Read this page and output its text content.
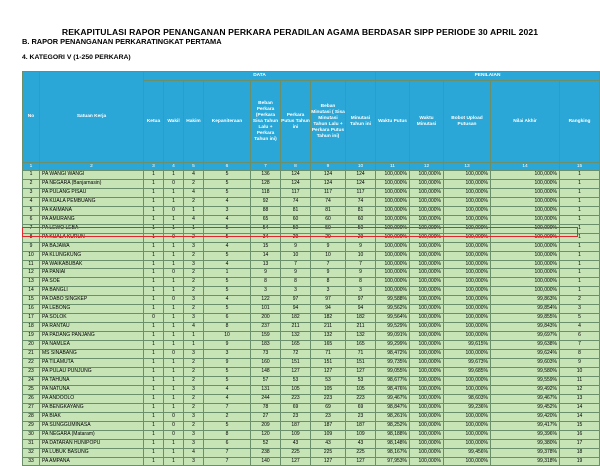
REKAPITULASI RAPOR PENANGANAN PERKARA PERADILAN AGAMA BERDASAR SIPP PERIODE 30 APRIL 2021
B. RAPOR PENANGANAN PERKARATINGKAT PERTAMA
4. KATEGORI V (1-250 PERKARA)
No	Satuan Kerja	DATA								PENILAIAN				
		Ketua	Wakil	Hakim	Kepaniteraan	Beban Perkara (Perkara Sisa Tahun Lalu + Perkara Tahun ini)	Perkara Putus Tahun ini	Beban Minutasi ( Sisa Minutasi Tahun Lalu + Perkara Putus Tahun ini)	Minutasi Tahun ini	Waktu Putus	Waktu Minutasi	Bobot Upload Putusan	Nilai Akhir	Rangking
1	2	3	4	5	6	7	8	9	10	11	12	13	14	15
1	PA WANGI WANGI	1	1	4	5	136	124	124	124	100,000%	100,000%	100,000%	100,000%	1
2	PA NEGARA (Banjarnasin)	1	0	2	5	128	124	124	124	100,000%	100,000%	100,000%	100,000%	1
3	PA PULANG PISAU	1	1	4	5	118	117	117	117	100,000%	100,000%	100,000%	100,000%	1
4	PA KUALA PEMBUANG	1	1	2	4	92	74	74	74	100,000%	100,000%	100,000%	100,000%	1
5	PA KAIMANA	1	0	1	3	88	81	81	81	100,000%	100,000%	100,000%	100,000%	1
6	PA AMURANG	1	1	4	4	65	60	60	60	100,000%	100,000%	100,000%	100,000%	1
7	PA LEWO LEBA	1	1	1	5	54	50	50	50	100,000%	100,000%	100,000%	100,000%	1
8	PA KUALA KURUN	1	0	2	5	34	29	29	29	100,000%	100,000%	100,000%	100,000%	1
9	PA BAJAWA	1	1	3	4	15	9	9	9	100,000%	100,000%	100,000%	100,000%	1
10	PA KLUNGKUNG	1	1	2	5	14	10	10	10	100,000%	100,000%	100,000%	100,000%	1
11	PA WAIKABUBAK	1	1	3	4	13	7	7	7	100,000%	100,000%	100,000%	100,000%	1
12	PA PANIAI	1	0	2	1	9	9	9	9	100,000%	100,000%	100,000%	100,000%	1
13	PA SOE	1	1	2	5	8	8	8	8	100,000%	100,000%	100,000%	100,000%	1
14	PA BANGLI	1	1	2	5	3	3	3	3	100,000%	100,000%	100,000%	100,000%	1
15	PA DABO SINGKEP	1	0	3	4	122	97	97	97	99,588%	100,000%	100,000%	99,863%	2
16	PA LEBONG	1	1	2	5	101	94	94	94	99,562%	100,000%	100,000%	99,854%	3
17	PA SOLOK	0	1	3	6	200	182	182	182	99,564%	100,000%	100,000%	99,855%	5
18	PA RANTAU	1	1	4	8	237	211	211	211	99,529%	100,000%	100,000%	99,843%	4
19	PA PADANG PANJANG	1	1	1	10	159	132	132	132	99,091%	100,000%	100,000%	99,697%	6
20	PA NAMLEA	1	1	1	9	183	165	165	165	99,299%	100,000%	99,615%	99,638%	7
21	MS SINABANG	1	0	3	3	73	72	71	71	98,472%	100,000%	100,000%	99,624%	8
22	PA TILAMUTA	1	1	2	9	160	151	151	151	99,735%	100,000%	99,673%	99,603%	9
23	PA PULAU PUNJUNG	1	1	2	5	148	127	127	127	99,055%	100,000%	99,685%	99,580%	10
24	PA TAHUNA	1	1	2	5	57	53	53	53	98,677%	100,000%	100,000%	99,559%	11
25	PA NATUNA	1	1	3	4	131	105	105	105	98,476%	100,000%	100,000%	99,492%	12
26	PA ANDOOLO	1	1	2	4	244	223	223	223	99,467%	100,000%	98,603%	99,467%	13
27	PA BENGKAYANG	1	1	2	7	78	69	69	69	98,847%	100,000%	99,236%	99,452%	14
28	PA BIAK	1	0	3	2	27	23	23	23	98,261%	100,000%	100,000%	99,420%	14
29	PA SUNGGUMINASA	1	0	2	5	209	187	187	187	98,252%	100,000%	100,000%	99,417%	15
30	PA NEGARA (Mataram)	1	0	3	8	120	109	109	109	98,188%	100,000%	100,000%	99,396%	16
31	PA DATARAN HUNIPOPU	1	1	3	6	52	43	43	43	98,148%	100,000%	100,000%	99,380%	17
32	PA LUBUK BASUNG	1	1	4	7	238	225	225	225	98,167%	100,000%	99,456%	99,378%	18
33	PA AMPANA	1	1	3	7	140	127	127	127	97,953%	100,000%	100,000%	99,318%	19
